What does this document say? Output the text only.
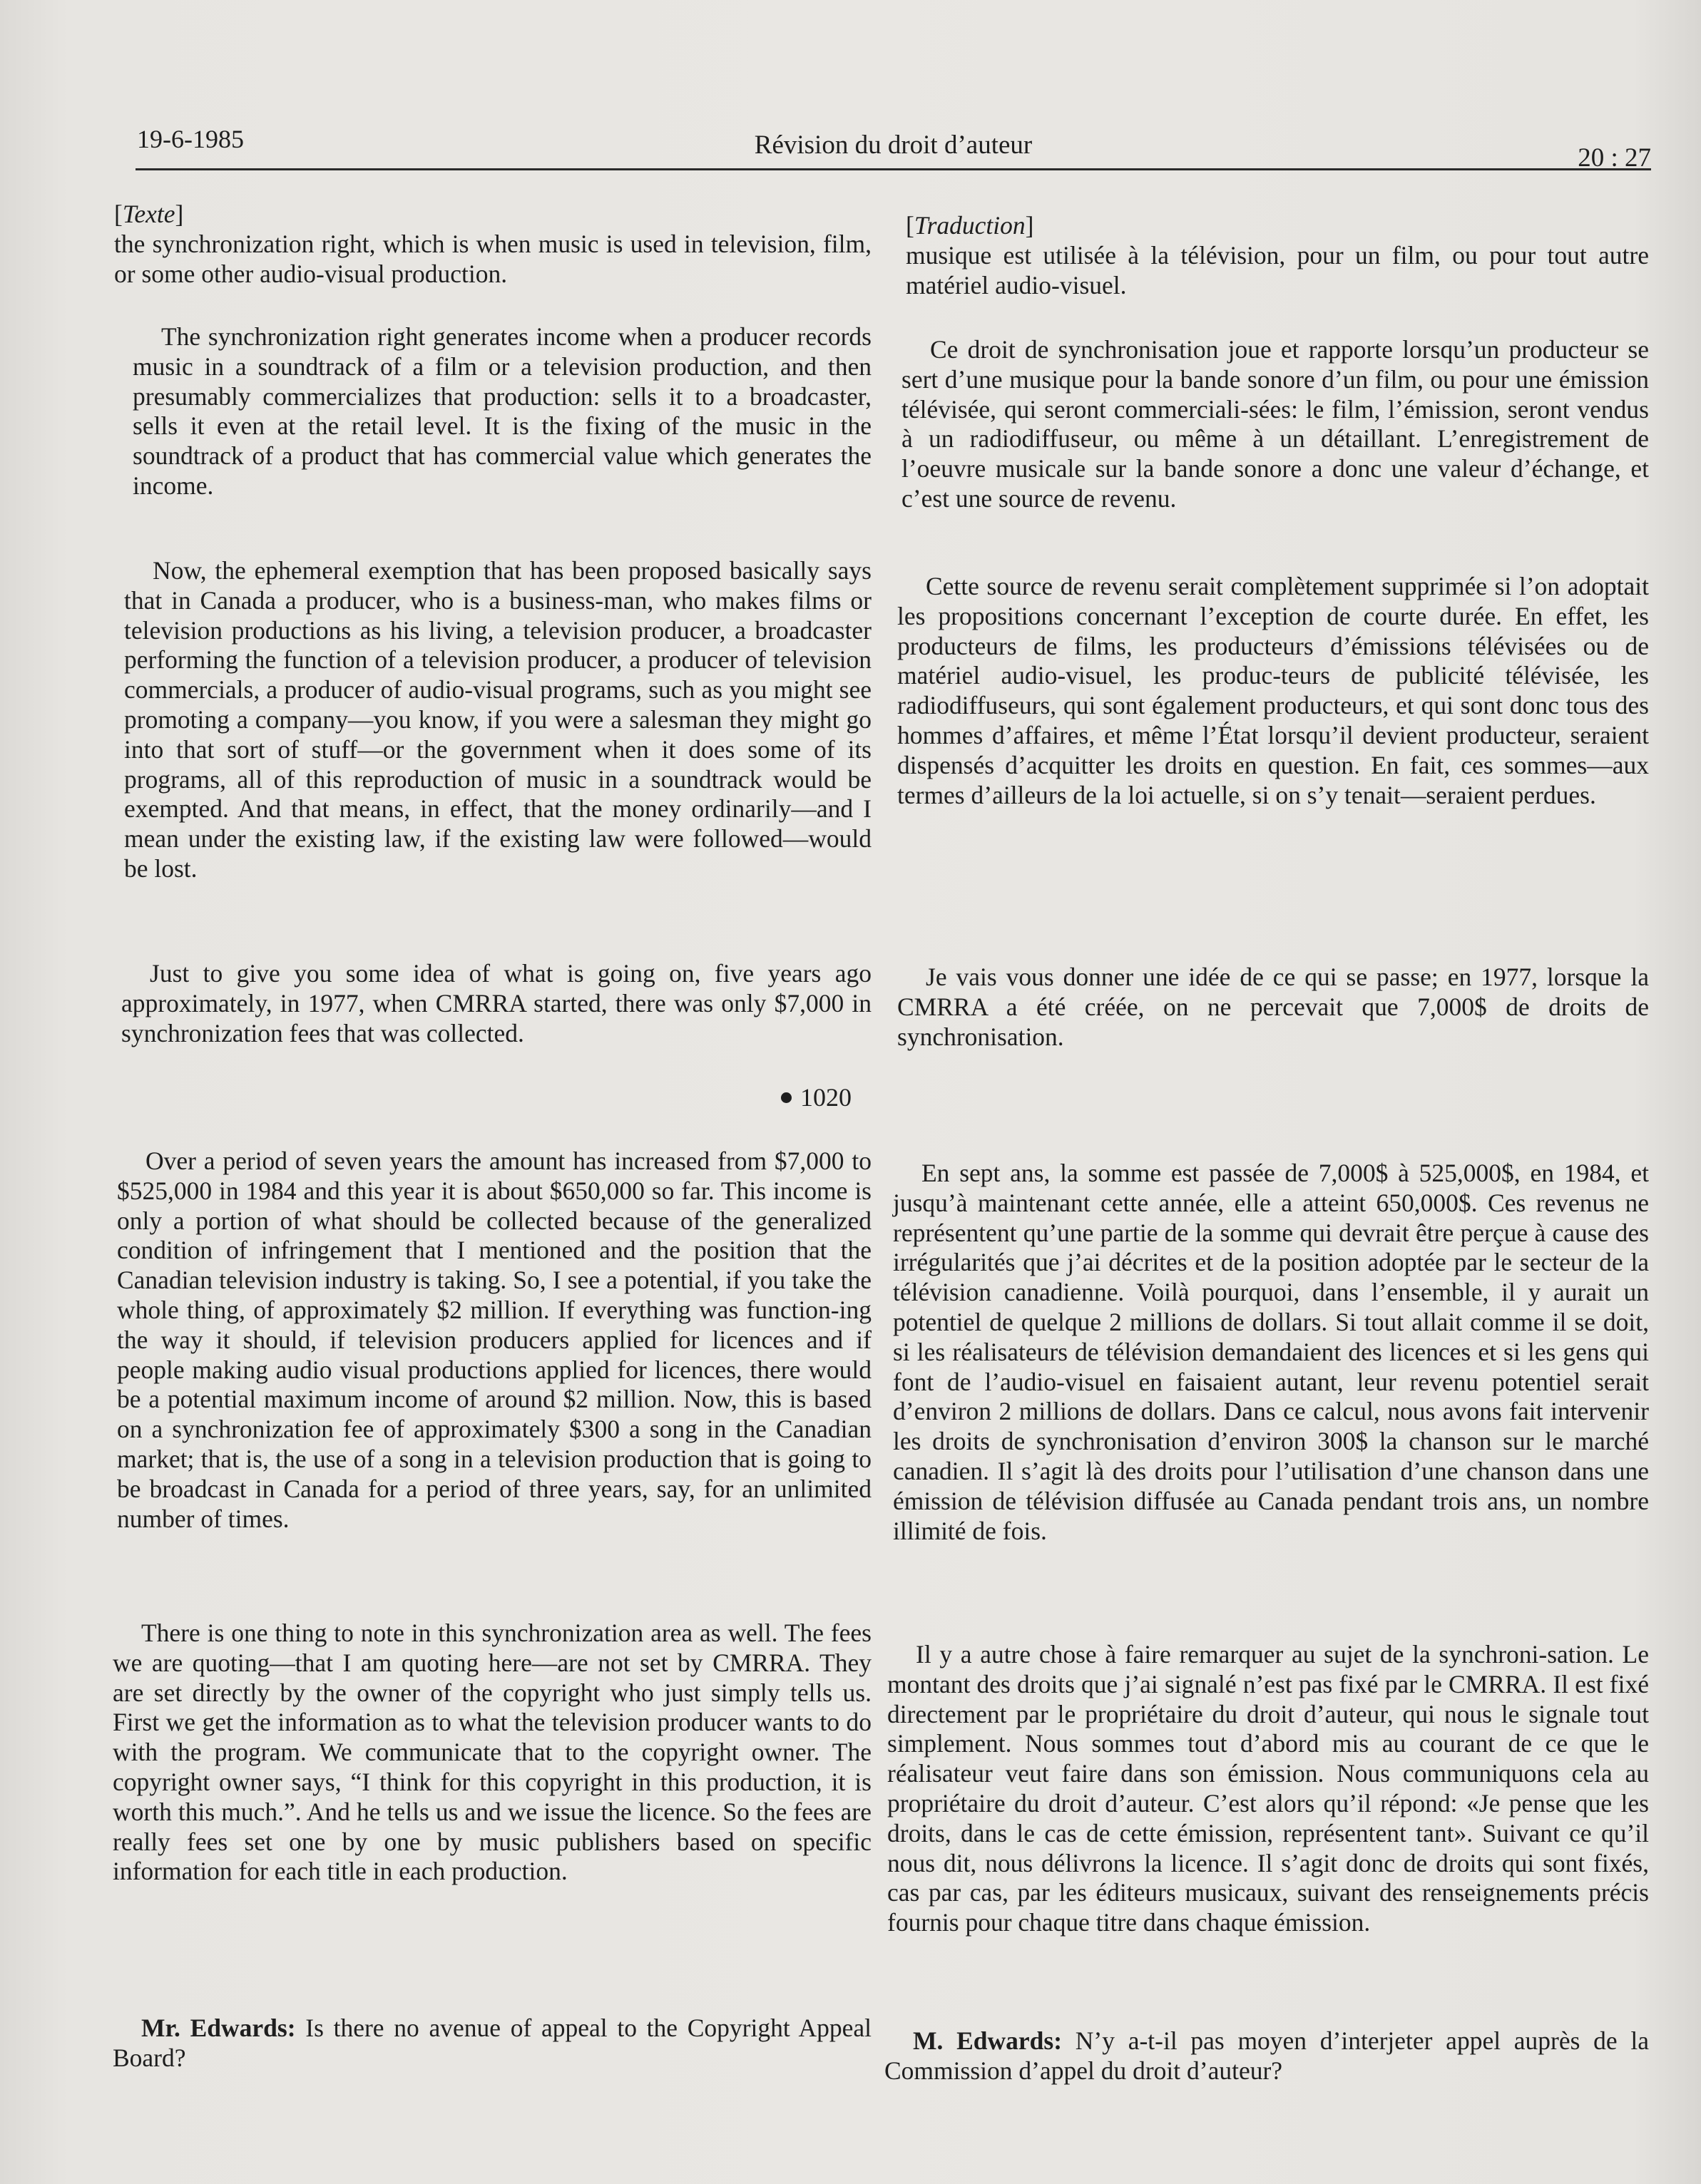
19-6-1985	Révision du droit d’auteur	20 : 27

[Texte]

the synchronization right, which is when music is used in television, film, or some other audio-visual production.

The synchronization right generates income when a producer records music in a soundtrack of a film or a television production, and then presumably commercializes that production: sells it to a broadcaster, sells it even at the retail level. It is the fixing of the music in the soundtrack of a product that has commercial value which generates the income.

Now, the ephemeral exemption that has been proposed basically says that in Canada a producer, who is a business-man, who makes films or television productions as his living, a television producer, a broadcaster performing the function of a television producer, a producer of television commercials, a producer of audio-visual programs, such as you might see promoting a company—you know, if you were a salesman they might go into that sort of stuff—or the government when it does some of its programs, all of this reproduction of music in a soundtrack would be exempted. And that means, in effect, that the money ordinarily—and I mean under the existing law, if the existing law were followed—would be lost.

Just to give you some idea of what is going on, five years ago approximately, in 1977, when CMRRA started, there was only $7,000 in synchronization fees that was collected.

1020

Over a period of seven years the amount has increased from $7,000 to $525,000 in 1984 and this year it is about $650,000 so far. This income is only a portion of what should be collected because of the generalized condition of infringement that I mentioned and the position that the Canadian television industry is taking. So, I see a potential, if you take the whole thing, of approximately $2 million. If everything was function-ing the way it should, if television producers applied for licences and if people making audio visual productions applied for licences, there would be a potential maximum income of around $2 million. Now, this is based on a synchronization fee of approximately $300 a song in the Canadian market; that is, the use of a song in a television production that is going to be broadcast in Canada for a period of three years, say, for an unlimited number of times.

There is one thing to note in this synchronization area as well. The fees we are quoting—that I am quoting here—are not set by CMRRA. They are set directly by the owner of the copyright who just simply tells us. First we get the information as to what the television producer wants to do with the program. We communicate that to the copyright owner. The copyright owner says, “I think for this copyright in this production, it is worth this much.”. And he tells us and we issue the licence. So the fees are really fees set one by one by music publishers based on specific information for each title in each production.

Mr. Edwards: Is there no avenue of appeal to the Copyright Appeal Board?

[Traduction]

musique est utilisée à la télévision, pour un film, ou pour tout autre matériel audio-visuel.

Ce droit de synchronisation joue et rapporte lorsqu’un producteur se sert d’une musique pour la bande sonore d’un film, ou pour une émission télévisée, qui seront commerciali-sées: le film, l’émission, seront vendus à un radiodiffuseur, ou même à un détaillant. L’enregistrement de l’oeuvre musicale sur la bande sonore a donc une valeur d’échange, et c’est une source de revenu.

Cette source de revenu serait complètement supprimée si l’on adoptait les propositions concernant l’exception de courte durée. En effet, les producteurs de films, les producteurs d’émissions télévisées ou de matériel audio-visuel, les produc-teurs de publicité télévisée, les radiodiffuseurs, qui sont également producteurs, et qui sont donc tous des hommes d’affaires, et même l’État lorsqu’il devient producteur, seraient dispensés d’acquitter les droits en question. En fait, ces sommes—aux termes d’ailleurs de la loi actuelle, si on s’y tenait—seraient perdues.

Je vais vous donner une idée de ce qui se passe; en 1977, lorsque la CMRRA a été créée, on ne percevait que 7,000$ de droits de synchronisation.

En sept ans, la somme est passée de 7,000$ à 525,000$, en 1984, et jusqu’à maintenant cette année, elle a atteint 650,000$. Ces revenus ne représentent qu’une partie de la somme qui devrait être perçue à cause des irrégularités que j’ai décrites et de la position adoptée par le secteur de la télévision canadienne. Voilà pourquoi, dans l’ensemble, il y aurait un potentiel de quelque 2 millions de dollars. Si tout allait comme il se doit, si les réalisateurs de télévision demandaient des licences et si les gens qui font de l’audio-visuel en faisaient autant, leur revenu potentiel serait d’environ 2 millions de dollars. Dans ce calcul, nous avons fait intervenir les droits de synchronisation d’environ 300$ la chanson sur le marché canadien. Il s’agit là des droits pour l’utilisation d’une chanson dans une émission de télévision diffusée au Canada pendant trois ans, un nombre illimité de fois.

Il y a autre chose à faire remarquer au sujet de la synchroni-sation. Le montant des droits que j’ai signalé n’est pas fixé par le CMRRA. Il est fixé directement par le propriétaire du droit d’auteur, qui nous le signale tout simplement. Nous sommes tout d’abord mis au courant de ce que le réalisateur veut faire dans son émission. Nous communiquons cela au propriétaire du droit d’auteur. C’est alors qu’il répond: «Je pense que les droits, dans le cas de cette émission, représentent tant». Suivant ce qu’il nous dit, nous délivrons la licence. Il s’agit donc de droits qui sont fixés, cas par cas, par les éditeurs musicaux, suivant des renseignements précis fournis pour chaque titre dans chaque émission.

M. Edwards: N’y a-t-il pas moyen d’interjeter appel auprès de la Commission d’appel du droit d’auteur?
